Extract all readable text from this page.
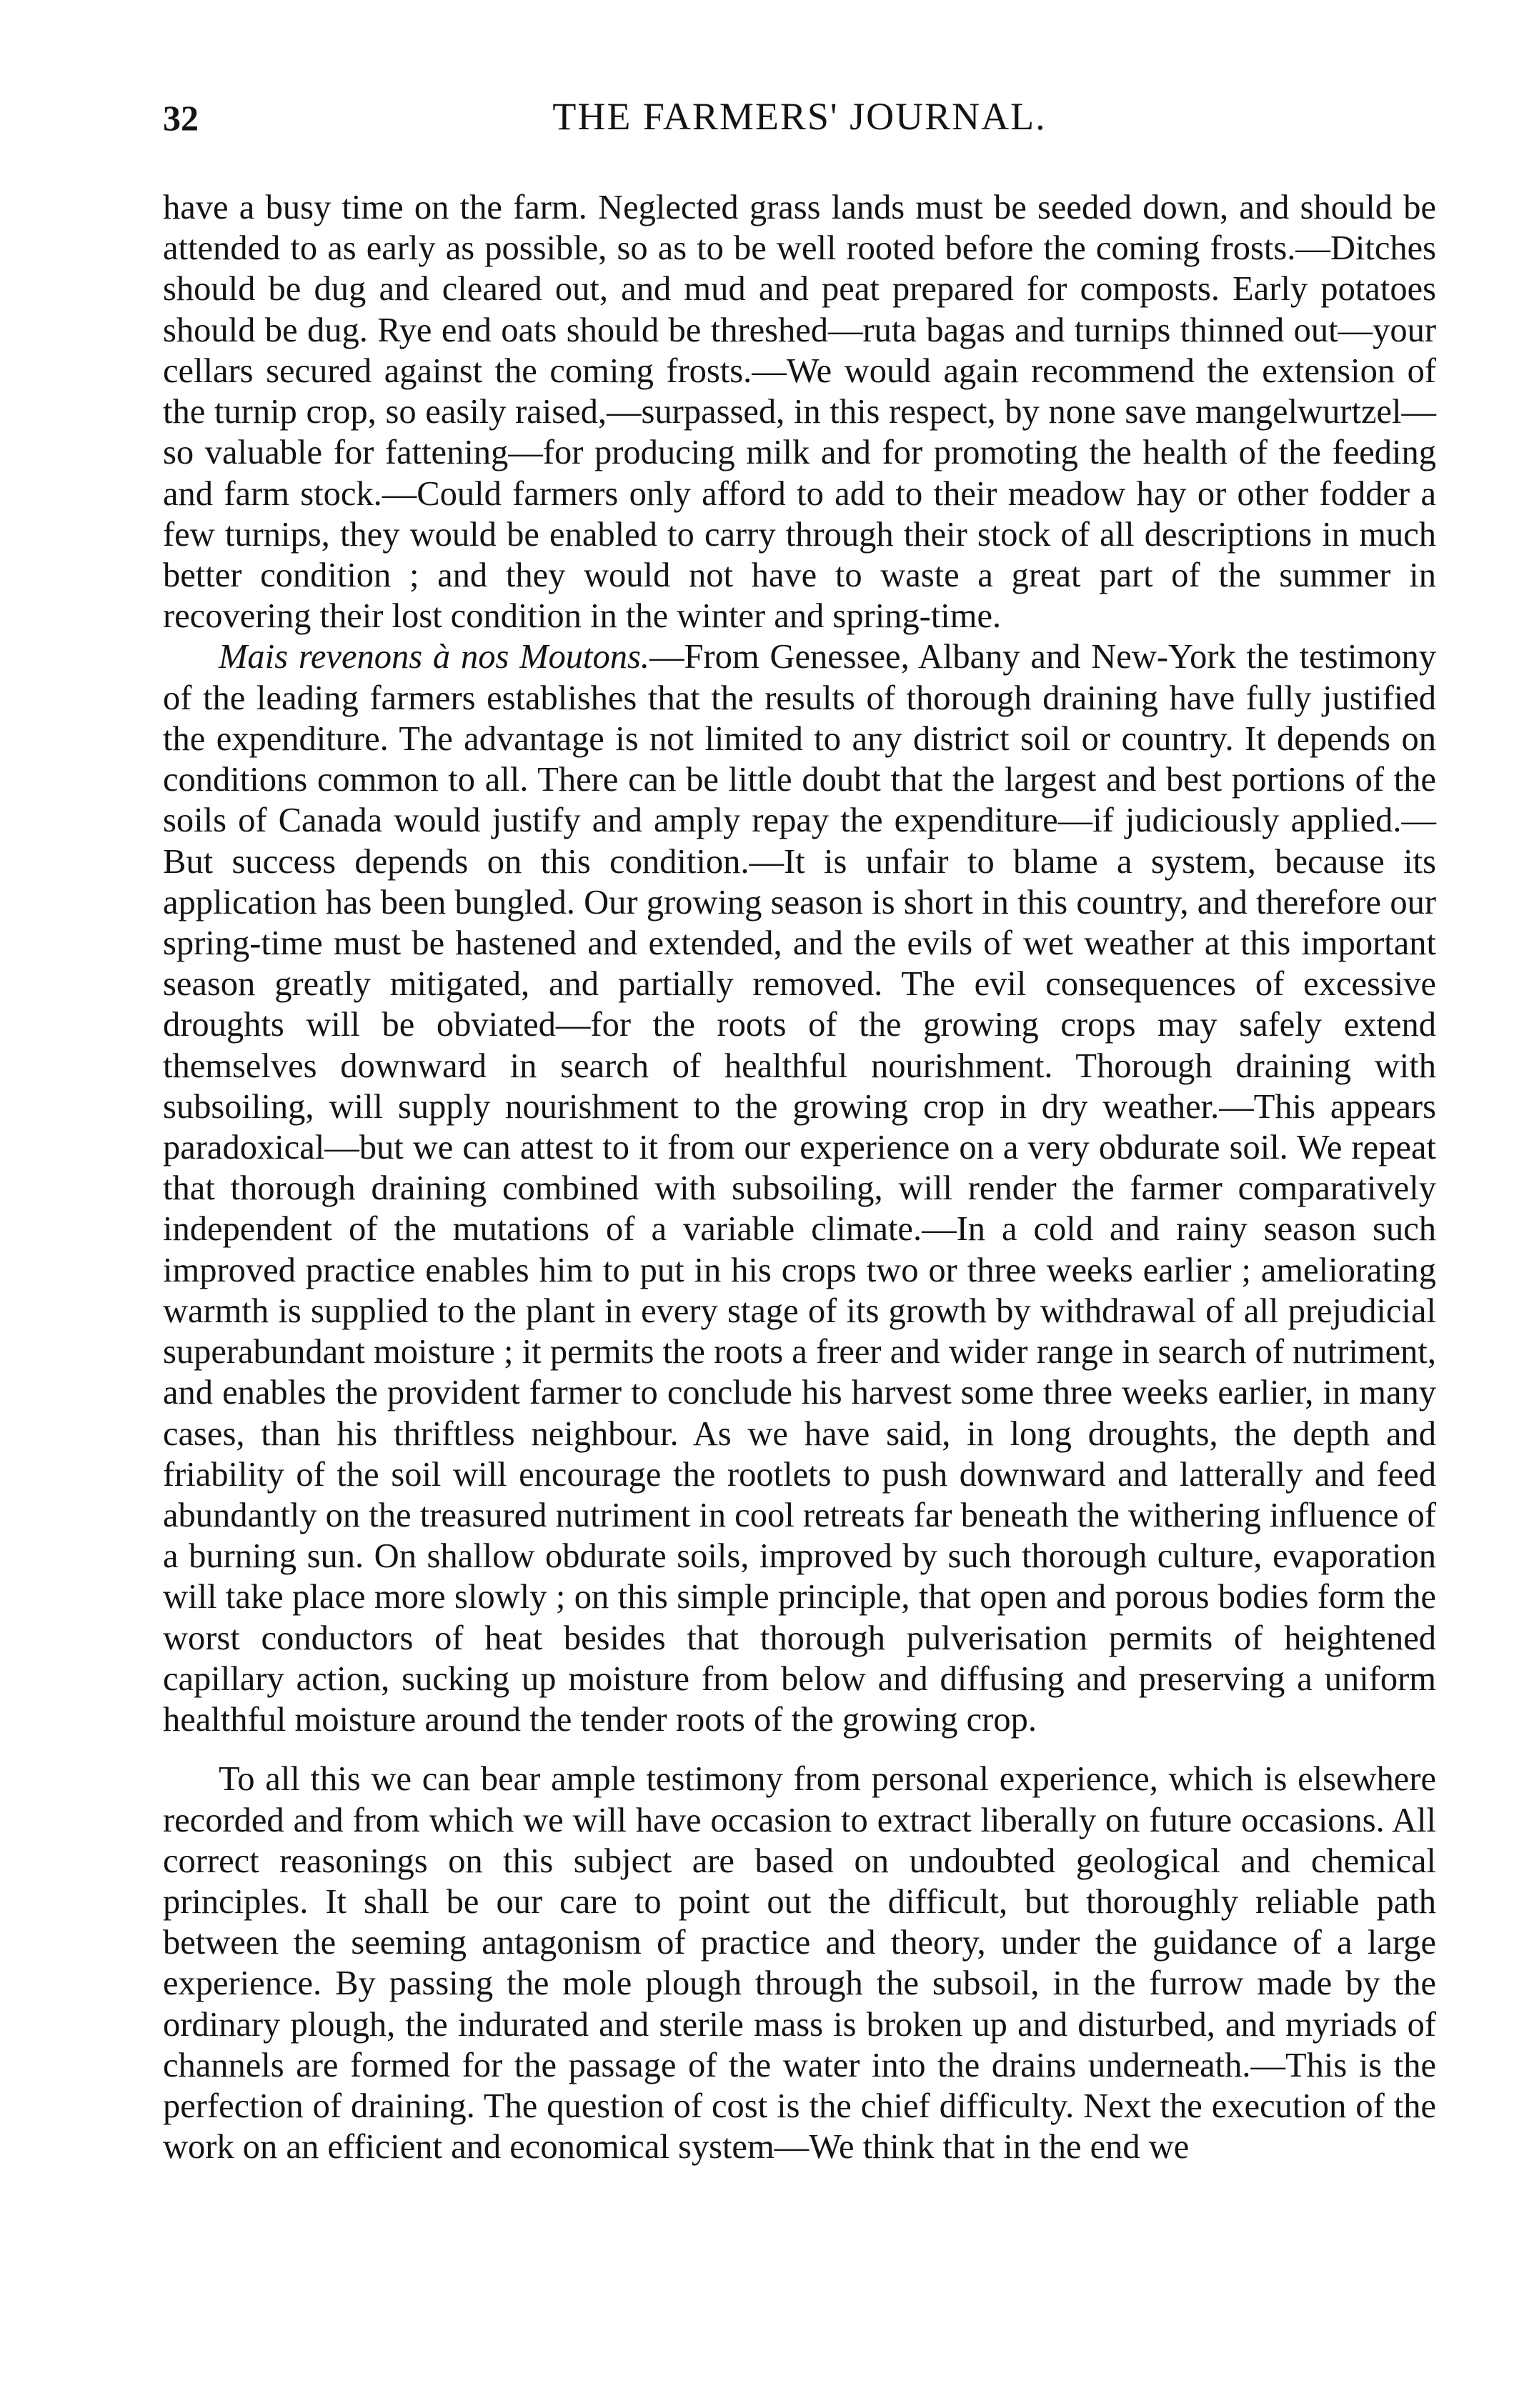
32	THE FARMERS' JOURNAL.

have a busy time on the farm. Neglected grass lands must be seeded down, and should be attended to as early as possible, so as to be well rooted before the coming frosts.—Ditches should be dug and cleared out, and mud and peat prepared for composts. Early potatoes should be dug. Rye end oats should be threshed—ruta bagas and turnips thinned out—your cellars secured against the coming frosts.—We would again recommend the extension of the turnip crop, so easily raised,—surpassed, in this respect, by none save mangelwurtzel—so valuable for fattening—for producing milk and for promoting the health of the feeding and farm stock.—Could farmers only afford to add to their meadow hay or other fodder a few turnips, they would be enabled to carry through their stock of all descriptions in much better condition ; and they would not have to waste a great part of the summer in recovering their lost condition in the winter and spring-time.

Mais revenons à nos Moutons.—From Genessee, Albany and New-York the testimony of the leading farmers establishes that the results of thorough draining have fully justified the expenditure. The advantage is not limited to any district soil or country. It depends on conditions common to all. There can be little doubt that the largest and best portions of the soils of Canada would justify and amply repay the expenditure—if judiciously applied.—But success depends on this condition.—It is unfair to blame a system, because its application has been bungled. Our growing season is short in this country, and therefore our spring-time must be hastened and extended, and the evils of wet weather at this important season greatly mitigated, and partially removed. The evil consequences of excessive droughts will be obviated—for the roots of the growing crops may safely extend themselves downward in search of healthful nourishment. Thorough draining with subsoiling, will supply nourishment to the growing crop in dry weather.—This appears paradoxical—but we can attest to it from our experience on a very obdurate soil. We repeat that thorough draining combined with subsoiling, will render the farmer comparatively independent of the mutations of a variable climate.—In a cold and rainy season such improved practice enables him to put in his crops two or three weeks earlier ; ameliorating warmth is supplied to the plant in every stage of its growth by withdrawal of all prejudicial superabundant moisture ; it permits the roots a freer and wider range in search of nutriment, and enables the provident farmer to conclude his harvest some three weeks earlier, in many cases, than his thriftless neighbour. As we have said, in long droughts, the depth and friability of the soil will encourage the rootlets to push downward and latterally and feed abundantly on the treasured nutriment in cool retreats far beneath the withering influence of a burning sun. On shallow obdurate soils, improved by such thorough culture, evaporation will take place more slowly ; on this simple principle, that open and porous bodies form the worst conductors of heat besides that thorough pulverisation permits of heightened capillary action, sucking up moisture from below and diffusing and preserving a uniform healthful moisture around the tender roots of the growing crop.

To all this we can bear ample testimony from personal experience, which is elsewhere recorded and from which we will have occasion to extract liberally on future occasions. All correct reasonings on this subject are based on undoubted geological and chemical principles. It shall be our care to point out the difficult, but thoroughly reliable path between the seeming antagonism of practice and theory, under the guidance of a large experience. By passing the mole plough through the subsoil, in the furrow made by the ordinary plough, the indurated and sterile mass is broken up and disturbed, and myriads of channels are formed for the passage of the water into the drains underneath.—This is the perfection of draining. The question of cost is the chief difficulty. Next the execution of the work on an efficient and economical system—We think that in the end we
